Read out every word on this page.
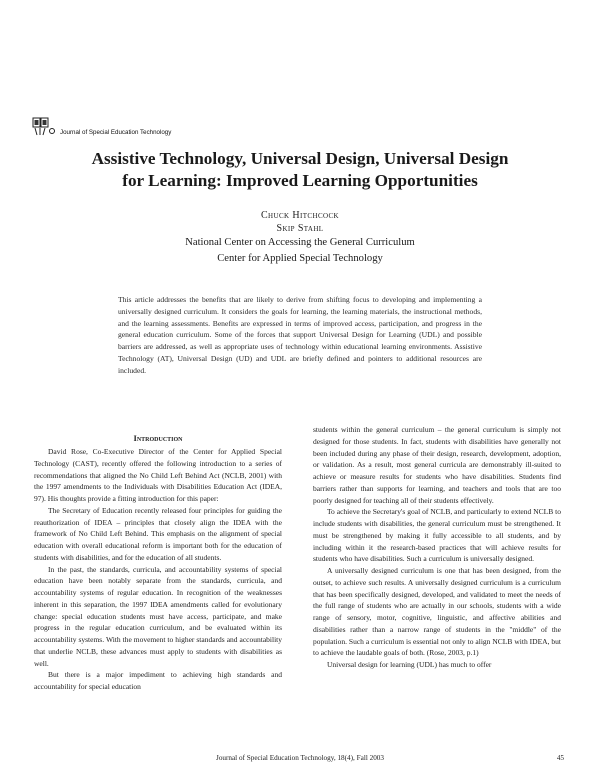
Journal of Special Education Technology
Assistive Technology, Universal Design, Universal Design
for Learning: Improved Learning Opportunities
Chuck Hitchcock
Skip Stahl
National Center on Accessing the General Curriculum
Center for Applied Special Technology
This article addresses the benefits that are likely to derive from shifting focus to developing and implementing a universally designed curriculum. It considers the goals for learning, the learning materials, the instructional methods, and the learning assessments. Benefits are expressed in terms of improved access, participation, and progress in the general education curriculum. Some of the forces that support Universal Design for Learning (UDL) and possible barriers are addressed, as well as appropriate uses of technology within educational learning environments. Assistive Technology (AT), Universal Design (UD) and UDL are briefly defined and pointers to additional resources are included.
Introduction

David Rose, Co-Executive Director of the Center for Applied Special Technology (CAST), recently offered the following introduction to a series of recommendations that aligned the No Child Left Behind Act (NCLB, 2001) with the 1997 amendments to the Individuals with Disabilities Education Act (IDEA, 97). His thoughts provide a fitting introduction for this paper:

The Secretary of Education recently released four principles for guiding the reauthorization of IDEA – principles that closely align the IDEA with the framework of No Child Left Behind. This emphasis on the alignment of special education with overall educational reform is important both for the education of students with disabilities, and for the education of all students.

In the past, the standards, curricula, and accountability systems of special education have been notably separate from the standards, curricula, and accountability systems of regular education. In recognition of the weaknesses inherent in this separation, the 1997 IDEA amendments called for evolutionary change: special education students must have access, participate, and make progress in the regular education curriculum, and be evaluated within its accountability systems. With the movement to higher standards and accountability that underlie NCLB, these advances must apply to students with disabilities as well.

But there is a major impediment to achieving high standards and accountability for special education

students within the general curriculum – the general curriculum is simply not designed for those students. In fact, students with disabilities have generally not been included during any phase of their design, research, development, adoption, or validation. As a result, most general curricula are demonstrably ill-suited to achieve or measure results for students who have disabilities. Students find barriers rather than supports for learning, and teachers and tools that are too poorly designed for teaching all of their students effectively.

To achieve the Secretary's goal of NCLB, and particularly to extend NCLB to include students with disabilities, the general curriculum must be strengthened. It must be strengthened by making it fully accessible to all students, and by including within it the research-based practices that will achieve results for students who have disabilities. Such a curriculum is universally designed.

A universally designed curriculum is one that has been designed, from the outset, to achieve such results. A universally designed curriculum is a curriculum that has been specifically designed, developed, and validated to meet the needs of the full range of students who are actually in our schools, students with a wide range of sensory, motor, cognitive, linguistic, and affective abilities and disabilities rather than a narrow range of students in the "middle" of the population. Such a curriculum is essential not only to align NCLB with IDEA, but to achieve the laudable goals of both. (Rose, 2003, p.1)

Universal design for learning (UDL) has much to offer

Journal of Special Education Technology, 18(4), Fall 2003	45
